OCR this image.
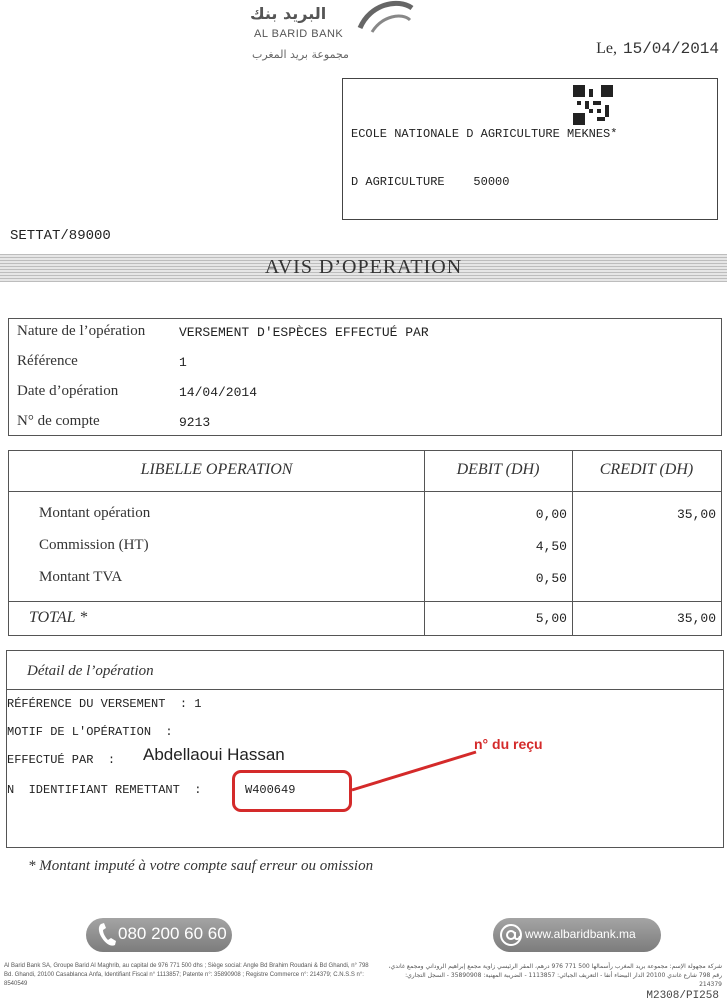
البريد بنك
AL BARID BANK
مجموعة بريد المغرب	Le, 15/04/2014
ECOLE NATIONALE D AGRICULTURE MEKNES*
D AGRICULTURE    50000
SETTAT/89000
AVIS D’OPERATION
Nature de l’opération	VERSEMENT D'ESPÈCES EFFECTUÉ PAR
Référence	1
Date d’opération	14/04/2014
N° de compte	9213
LIBELLE OPERATION	DEBIT (DH)	CREDIT (DH)
Montant opération	0,00	35,00
Commission (HT)	4,50
Montant TVA	0,50
TOTAL *	5,00	35,00
Détail de l’opération
RÉFÉRENCE DU VERSEMENT  : 1
MOTIF DE L'OPÉRATION  :
EFFECTUÉ PAR  : Abdellaoui Hassan
N  IDENTIFIANT REMETTANT  :	W400649
n° du reçu
* Montant imputé à votre compte sauf erreur ou omission
080 200 60 60	www.albaridbank.ma
Al Barid Bank SA, Groupe Barid Al Maghrib, au capital de 976 771 500 dhs ; Siège social: Angle Bd Brahim Roudani & Bd Ghandi, n° 798 Bd. Ghandi, 20100 Casablanca Anfa, Identifiant Fiscal n° 1113857; Patente n°: 35890908 ; Registre Commerce n°: 214379; C.N.S.S n°: 8540549
شركة مجهولة الإسم: مجموعة بريد المغرب رأسمالها 500 771 976 درهم، المقر الرئيسي زاوية مجمع إبراهيم الروداني ومجمع غاندي، رقم 798 شارع غاندي 20100 الدار البيضاء أنفا - التعريف الجبائي: 1113857 - الضريبة المهنية: 35890908 - السجل التجاري: 214379
M2308/PI258
